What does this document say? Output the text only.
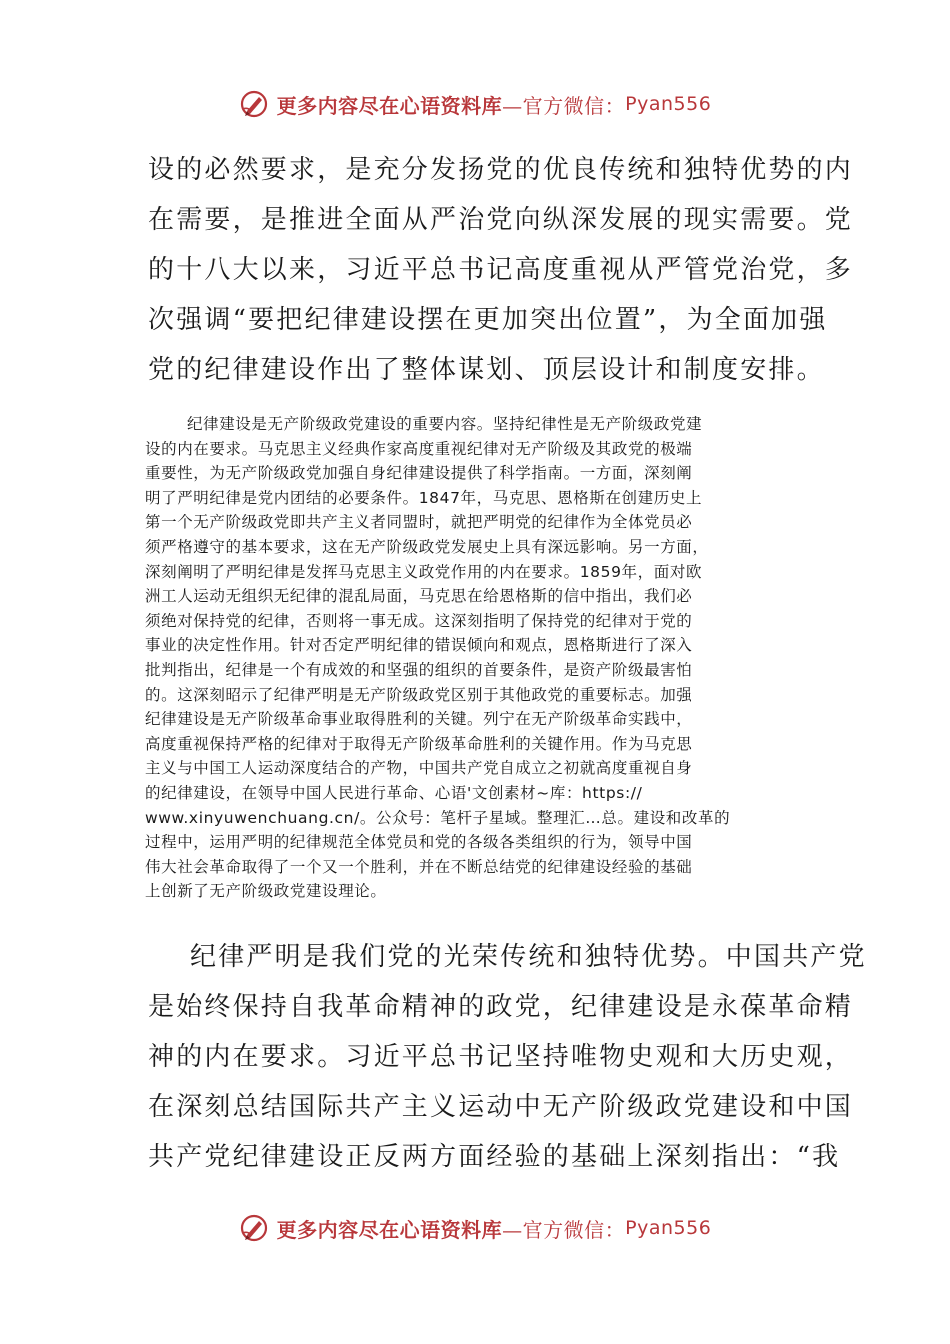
更多内容尽在心语资料库 —官方微信： Pyan556
设的必然要求，是充分发扬党的优良传统和独特优势的内
在需要，是推进全面从严治党向纵深发展的现实需要。党
的十八大以来，习近平总书记高度重视从严管党治党，多
次强调“要把纪律建设摆在更加突出位置”，为全面加强
党的纪律建设作出了整体谋划、顶层设计和制度安排。
纪律建设是无产阶级政党建设的重要内容。坚持纪律性是无产阶级政党建
设的内在要求。马克思主义经典作家高度重视纪律对无产阶级及其政党的极端
重要性，为无产阶级政党加强自身纪律建设提供了科学指南。一方面，深刻阐
明了严明纪律是党内团结的必要条件。1847年，马克思、恩格斯在创建历史上
第一个无产阶级政党即共产主义者同盟时，就把严明党的纪律作为全体党员必
须严格遵守的基本要求，这在无产阶级政党发展史上具有深远影响。另一方面，
深刻阐明了严明纪律是发挥马克思主义政党作用的内在要求。1859年，面对欧
洲工人运动无组织无纪律的混乱局面，马克思在给恩格斯的信中指出，我们必
须绝对保持党的纪律，否则将一事无成。这深刻指明了保持党的纪律对于党的
事业的决定性作用。针对否定严明纪律的错误倾向和观点，恩格斯进行了深入
批判指出，纪律是一个有成效的和坚强的组织的首要条件，是资产阶级最害怕
的。这深刻昭示了纪律严明是无产阶级政党区别于其他政党的重要标志。加强
纪律建设是无产阶级革命事业取得胜利的关键。列宁在无产阶级革命实践中，
高度重视保持严格的纪律对于取得无产阶级革命胜利的关键作用。作为马克思
主义与中国工人运动深度结合的产物，中国共产党自成立之初就高度重视自身
的纪律建设，在领导中国人民进行革命、心语'文创素材~库：https://
www.xinyuwenchuang.cn/。公众号：笔杆子星域。整理汇…总。建设和改革的
过程中，运用严明的纪律规范全体党员和党的各级各类组织的行为，领导中国
伟大社会革命取得了一个又一个胜利，并在不断总结党的纪律建设经验的基础
上创新了无产阶级政党建设理论。
纪律严明是我们党的光荣传统和独特优势。中国共产党
是始终保持自我革命精神的政党，纪律建设是永葆革命精
神的内在要求。习近平总书记坚持唯物史观和大历史观，
在深刻总结国际共产主义运动中无产阶级政党建设和中国
共产党纪律建设正反两方面经验的基础上深刻指出：“我
更多内容尽在心语资料库 —官方微信： Pyan556
